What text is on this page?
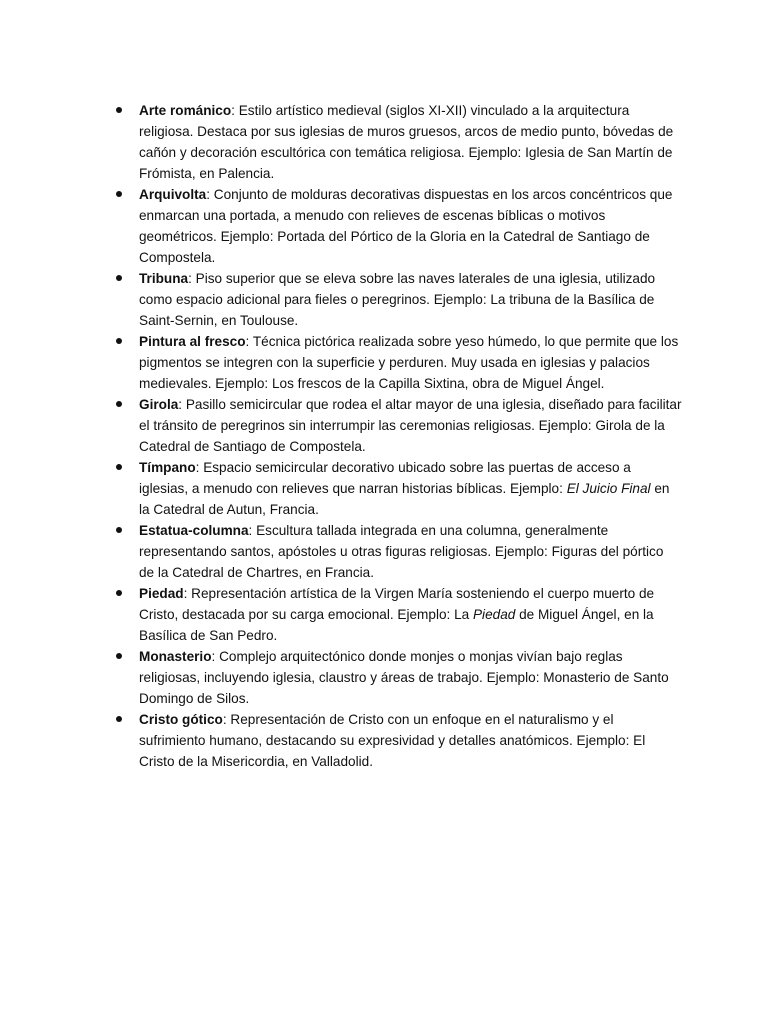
Arte románico: Estilo artístico medieval (siglos XI-XII) vinculado a la arquitectura religiosa. Destaca por sus iglesias de muros gruesos, arcos de medio punto, bóvedas de cañón y decoración escultórica con temática religiosa. Ejemplo: Iglesia de San Martín de Frómista, en Palencia.
Arquivolta: Conjunto de molduras decorativas dispuestas en los arcos concéntricos que enmarcan una portada, a menudo con relieves de escenas bíblicas o motivos geométricos. Ejemplo: Portada del Pórtico de la Gloria en la Catedral de Santiago de Compostela.
Tribuna: Piso superior que se eleva sobre las naves laterales de una iglesia, utilizado como espacio adicional para fieles o peregrinos. Ejemplo: La tribuna de la Basílica de Saint-Sernin, en Toulouse.
Pintura al fresco: Técnica pictórica realizada sobre yeso húmedo, lo que permite que los pigmentos se integren con la superficie y perduren. Muy usada en iglesias y palacios medievales. Ejemplo: Los frescos de la Capilla Sixtina, obra de Miguel Ángel.
Girola: Pasillo semicircular que rodea el altar mayor de una iglesia, diseñado para facilitar el tránsito de peregrinos sin interrumpir las ceremonias religiosas. Ejemplo: Girola de la Catedral de Santiago de Compostela.
Tímpano: Espacio semicircular decorativo ubicado sobre las puertas de acceso a iglesias, a menudo con relieves que narran historias bíblicas. Ejemplo: El Juicio Final en la Catedral de Autun, Francia.
Estatua-columna: Escultura tallada integrada en una columna, generalmente representando santos, apóstoles u otras figuras religiosas. Ejemplo: Figuras del pórtico de la Catedral de Chartres, en Francia.
Piedad: Representación artística de la Virgen María sosteniendo el cuerpo muerto de Cristo, destacada por su carga emocional. Ejemplo: La Piedad de Miguel Ángel, en la Basílica de San Pedro.
Monasterio: Complejo arquitectónico donde monjes o monjas vivían bajo reglas religiosas, incluyendo iglesia, claustro y áreas de trabajo. Ejemplo: Monasterio de Santo Domingo de Silos.
Cristo gótico: Representación de Cristo con un enfoque en el naturalismo y el sufrimiento humano, destacando su expresividad y detalles anatómicos. Ejemplo: El Cristo de la Misericordia, en Valladolid.
